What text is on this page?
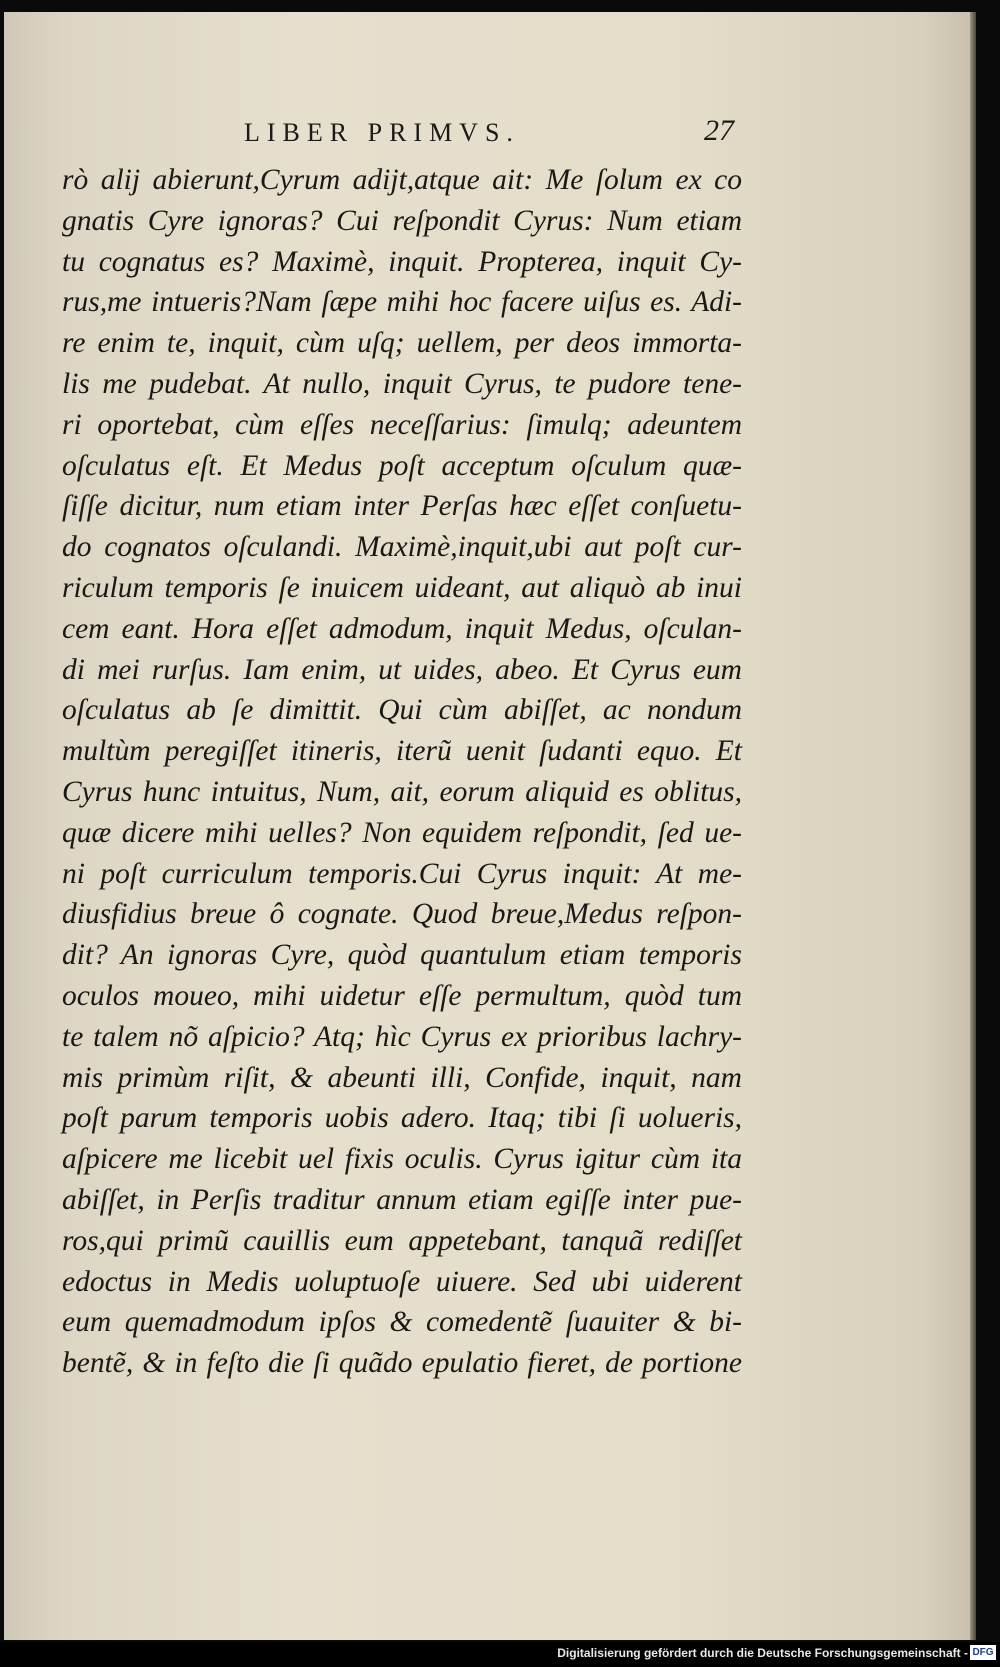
LIBER PRIMVS.	27
rò alij abierunt,Cyrum adijt,atque ait: Me ſolum ex co
gnatis Cyre ignoras? Cui reſpondit Cyrus: Num etiam
tu cognatus es? Maximè, inquit. Propterea, inquit Cy-
rus,me intueris?Nam ſæpe mihi hoc facere uiſus es. Adi-
re enim te, inquit, cùm uſq; uellem, per deos immorta-
lis me pudebat. At nullo, inquit Cyrus, te pudore tene-
ri oportebat, cùm eſſes neceſſarius: ſimulq; adeuntem
oſculatus eſt. Et Medus poſt acceptum oſculum quæ-
ſiſſe dicitur, num etiam inter Perſas hæc eſſet conſuetu-
do cognatos oſculandi. Maximè,inquit,ubi aut poſt cur-
riculum temporis ſe inuicem uideant, aut aliquò ab inui
cem eant. Hora eſſet admodum, inquit Medus, oſculan-
di mei rurſus. Iam enim, ut uides, abeo. Et Cyrus eum
oſculatus ab ſe dimittit. Qui cùm abiſſet, ac nondum
multùm peregiſſet itineris, iterũ uenit ſudanti equo. Et
Cyrus hunc intuitus, Num, ait, eorum aliquid es oblitus,
quæ dicere mihi uelles? Non equidem reſpondit, ſed ue-
ni poſt curriculum temporis.Cui Cyrus inquit: At me-
diusfidius breue ô cognate. Quod breue,Medus reſpon-
dit? An ignoras Cyre, quòd quantulum etiam temporis
oculos moueo, mihi uidetur eſſe permultum, quòd tum
te talem nõ aſpicio? Atq; hìc Cyrus ex prioribus lachry-
mis primùm riſit, & abeunti illi, Confide, inquit, nam
poſt parum temporis uobis adero. Itaq; tibi ſi uolueris,
aſpicere me licebit uel fixis oculis. Cyrus igitur cùm ita
abiſſet, in Perſis traditur annum etiam egiſſe inter pue-
ros,qui primũ cauillis eum appetebant, tanquã rediſſet
edoctus in Medis uoluptuoſe uiuere. Sed ubi uiderent
eum quemadmodum ipſos & comedentẽ ſuauiter & bi-
bentẽ, & in feſto die ſi quãdo epulatio fieret, de portione
Digitalisierung gefördert durch die Deutsche Forschungsgemeinschaft - DFG
